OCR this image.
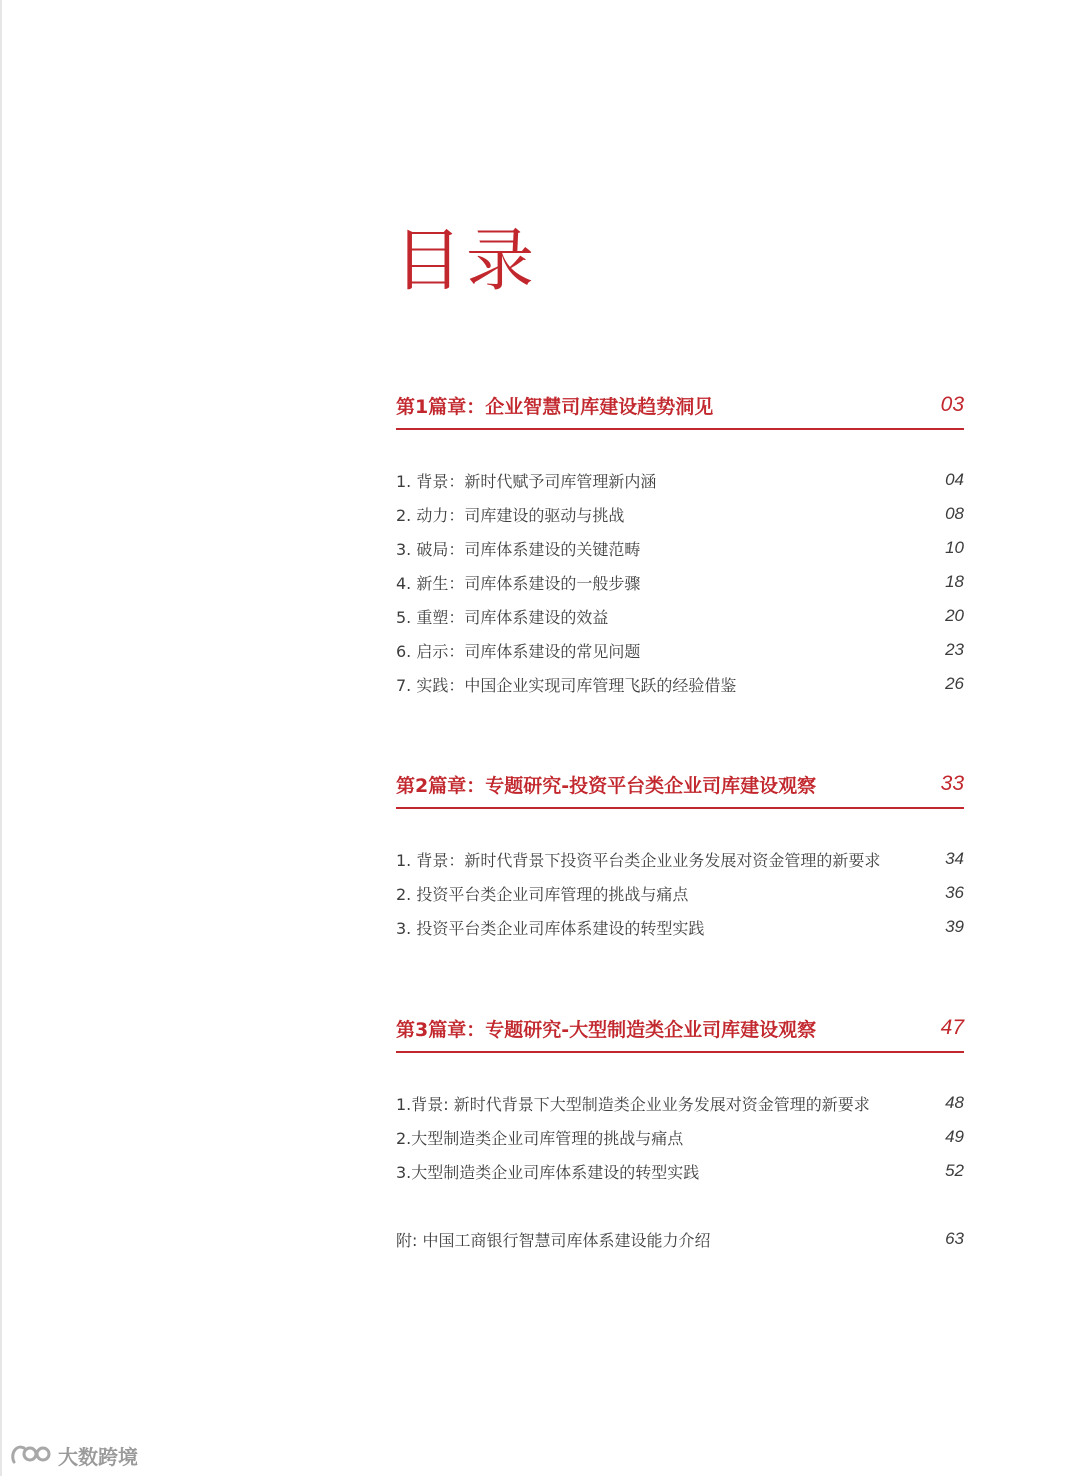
目录
第1篇章：企业智慧司库建设趋势洞见	03
1. 背景：新时代赋予司库管理新内涵	04
2. 动力：司库建设的驱动与挑战	08
3. 破局：司库体系建设的关键范畴	10
4. 新生：司库体系建设的一般步骤	18
5. 重塑：司库体系建设的效益	20
6. 启示：司库体系建设的常见问题	23
7. 实践：中国企业实现司库管理飞跃的经验借鉴	26
第2篇章：专题研究-投资平台类企业司库建设观察	33
1. 背景：新时代背景下投资平台类企业业务发展对资金管理的新要求	34
2. 投资平台类企业司库管理的挑战与痛点	36
3. 投资平台类企业司库体系建设的转型实践	39
第3篇章：专题研究-大型制造类企业司库建设观察	47
1.背景: 新时代背景下大型制造类企业业务发展对资金管理的新要求	48
2.大型制造类企业司库管理的挑战与痛点	49
3.大型制造类企业司库体系建设的转型实践	52
附: 中国工商银行智慧司库体系建设能力介绍	63
大数跨境
